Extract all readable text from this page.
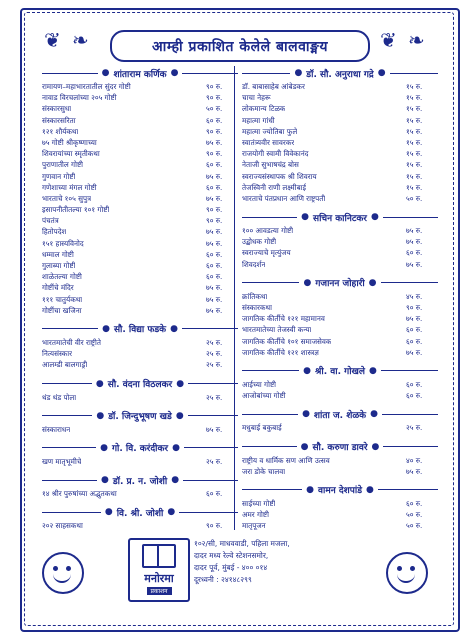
❦ ❧	❦ ❧
आम्ही प्रकाशित केलेले बालवाङ्मय
● शांताराम कर्णिक ●
रामायण–महाभारतातील सुंदर गोष्टी	९० रु.
नावाड विरचलांच्या २०५ गोष्टी	९० रु.
संस्कारसुधा	५० रु.
संस्कारसरिता	६० रु.
१२१ शौर्यकथा	९० रु.
७५ गोष्टी श्रीकृष्णाच्या	७५ रु.
शिवरायांच्या स्मृतीकथा	९० रु.
पुराणातील गोष्टी	६० रु.
गुणवान गोष्टी	७५ रु.
गणेशाच्या मंगल गोष्टी	६० रु.
भारताचे १०५ सुपुत्र	७५ रु.
इसापनीतीतल्या १०१ गोष्टी	९० रु.
पंचतंत्र	९० रु.
हितोपदेश	७५ रु.
१५१ हास्यविनोद	७५ रु.
धम्माल गोष्टी	६० रु.
गुलाब्या गोष्टी	६० रु.
शाळेतल्या गोष्टी	६० रु.
गोष्टींचे मंदिर	७५ रु.
१११ चातुर्यकथा	७५ रु.
गोष्टींचा खजिना	७५ रु.
● सौ. विद्या फडके ●
भारतमातेची वीर राष्ट्रीते	२५ रु.
नित्यसंस्कार	२५ रु.
आलम्डी बालगाड्री	२५ रु.
● सौ. वंदना विठलकर ●
थंड थंड पोला	२५ रु.
● डॉ. जिन्दुभूषण खडे ●
संस्काराधन	७५ रु.
● गो. वि. करंदीकर ●
खण मातृभूमीचे	२५ रु.
● डॉ. प्र. न. जोशी ●
१४ श्रीर पुरुषांच्या अद्भुतकथा	६० रु.
● वि. श्री. जोशी ●
२०२ साहसकथा	९० रु.
● डॉ. सौ. अनुराधा गद्रे ●
डॉ. बाबासाहेब आंबेडकर	१५ रु.
चाचा नेहरू	१५ रु.
लोकमान्य टिळक	१५ रु.
महात्मा गांधी	१५ रु.
महात्मा ज्योतिबा फुले	१५ रु.
स्वातंत्र्यवीर सावरकर	१५ रु.
राजयोगी स्वामी विवेकानंद	१५ रु.
नेताजी सुभाषचंद्र बोस	१५ रु.
स्वराज्यसंस्थापक श्री शिवराय	१५ रु.
तेजस्विनी राणी लक्ष्मीबाई	१५ रु.
भारताचे पंतप्रधान आणि राष्ट्रपती	५० रु.
● सचिन कानिटकर ●
१०० आवडत्या गोष्टी	७५ रु.
उद्बोधक गोष्टी	७५ रु.
स्वराज्याचे मृत्युंजय	६० रु.
शिवदर्शन	७५ रु.
● गजानन जोहारी ●
क्रांतिकथा	४५ रु.
संस्कारकथा	९० रु.
जागतिक कीर्तीचे १२१ महामानव	७५ रु.
भारतमातेच्या तेजस्वी कन्या	६० रु.
जागतिक कीर्तीचे १०१ समाजसेवक	६० रु.
जागतिक कीर्तीचे १२१ शास्त्रज्ञ	७५ रु.
● श्री. वा. गोखले ●
आईच्या गोष्टी	६० रु.
आजोबांच्या गोष्टी	६० रु.
● शांता ज. शेळके ●
मधुबाई बकुबाई	२५ रु.
● सौ. करुणा डावरे ●
राष्ट्रीय व धार्मिक सण आणि उत्सव	४० रु.
जरा डोके चालवा	७५ रु.
● वामन देशपांडे ●
साईच्या गोष्टी	६० रु.
अमर गोष्टी	५० रु.
मातृपूजन	५० रु.
मनोरमा
प्रकाशन
१०२/सी, माधववाडी, पहिला मजला,
दादर मध्य रेल्वे स्टेशनसमोर,
दादर पूर्व, मुंबई - ४०० ०१४
दूरध्वनी : २४१४८२९९
